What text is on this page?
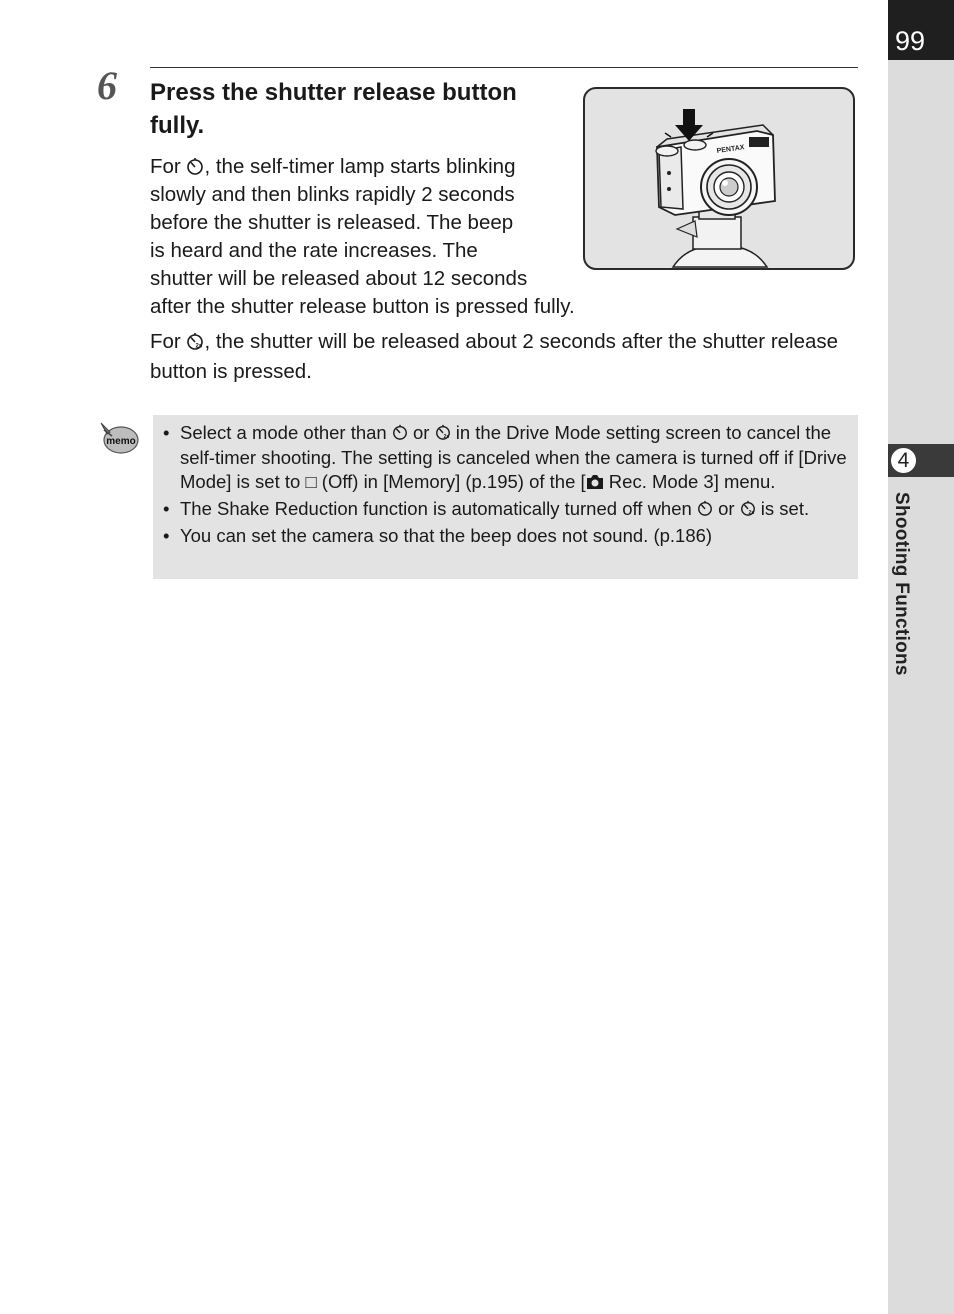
99
4
Shooting Functions
6 Press the shutter release button fully.
For , the self-timer lamp starts blinking
slowly and then blinks rapidly 2 seconds
before the shutter is released. The beep
is heard and the rate increases. The
shutter will be released about 12 seconds
after the shutter release button is pressed fully.
For 2s , the shutter will be released about 2 seconds after the shutter release button is pressed.
PENTAX
memo • Select a mode other than  or 2s in the Drive Mode setting screen to cancel the self-timer shooting. The setting is canceled when the camera is turned off if [Drive Mode] is set to □ (Off) in [Memory] (p.195) of the [ Rec. Mode 3] menu.
• The Shake Reduction function is automatically turned off when  or 2s is set.
• You can set the camera so that the beep does not sound. (p.186)
